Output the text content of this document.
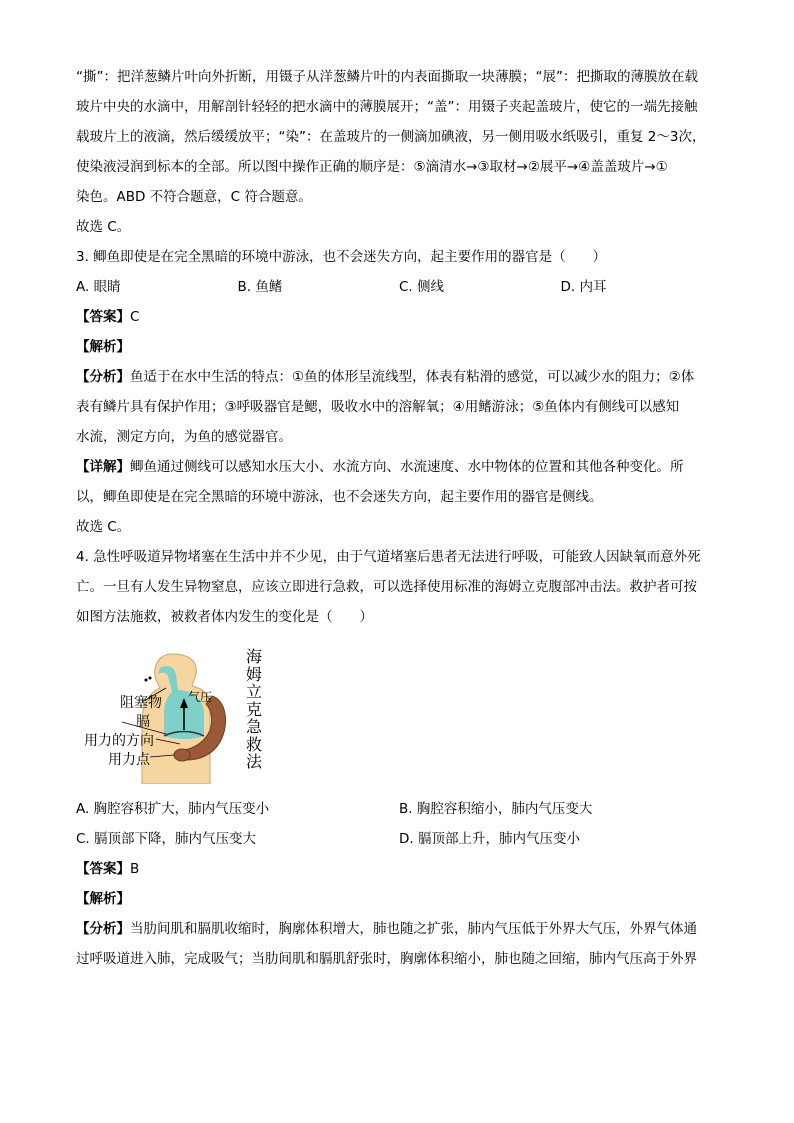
“撕”：把洋葱鳞片叶向外折断，用镊子从洋葱鳞片叶的内表面撕取一块薄膜；“展”：把撕取的薄膜放在载

玻片中央的水滴中，用解剖针轻轻的把水滴中的薄膜展开；“盖”：用镊子夹起盖玻片，使它的一端先接触

载玻片上的液滴，然后缓缓放平；“染”：在盖玻片的一侧滴加碘液，另一侧用吸水纸吸引，重复 2～3次，

使染液浸润到标本的全部。所以图中操作正确的顺序是：⑤滴清水→③取材→②展平→④盖盖玻片→①

染色。ABD 不符合题意，C 符合题意。

故选 C。

3. 鲫鱼即使是在完全黑暗的环境中游泳，也不会迷失方向，起主要作用的器官是（　　）

A. 眼睛	B. 鱼鳍	C. 侧线	D. 内耳

【答案】C

【解析】

【分析】鱼适于在水中生活的特点：①鱼的体形呈流线型，体表有粘滑的感觉，可以减少水的阻力；②体

表有鳞片具有保护作用；③呼吸器官是鳃，吸收水中的溶解氧；④用鳍游泳；⑤鱼体内有侧线可以感知

水流，测定方向，为鱼的感觉器官。

【详解】鲫鱼通过侧线可以感知水压大小、水流方向、水流速度、水中物体的位置和其他各种变化。所

以，鲫鱼即使是在完全黑暗的环境中游泳，也不会迷失方向，起主要作用的器官是侧线。

故选 C。

4. 急性呼吸道异物堵塞在生活中并不少见，由于气道堵塞后患者无法进行呼吸，可能致人因缺氧而意外死

亡。一旦有人发生异物窒息，应该立即进行急救，可以选择使用标准的海姆立克腹部冲击法。救护者可按

如图方法施救，被救者体内发生的变化是（　　）

阻塞物 气压
膈
用力的方向
用力点
海
姆
立
克
急
救
法
A. 胸腔容积扩大，肺内气压变小	B. 胸腔容积缩小，肺内气压变大
C. 膈顶部下降，肺内气压变大	D. 膈顶部上升，肺内气压变小

【答案】B

【解析】

【分析】当肋间肌和膈肌收缩时，胸廓体积增大，肺也随之扩张，肺内气压低于外界大气压，外界气体通

过呼吸道进入肺，完成吸气；当肋间肌和膈肌舒张时，胸廓体积缩小，肺也随之回缩，肺内气压高于外界
